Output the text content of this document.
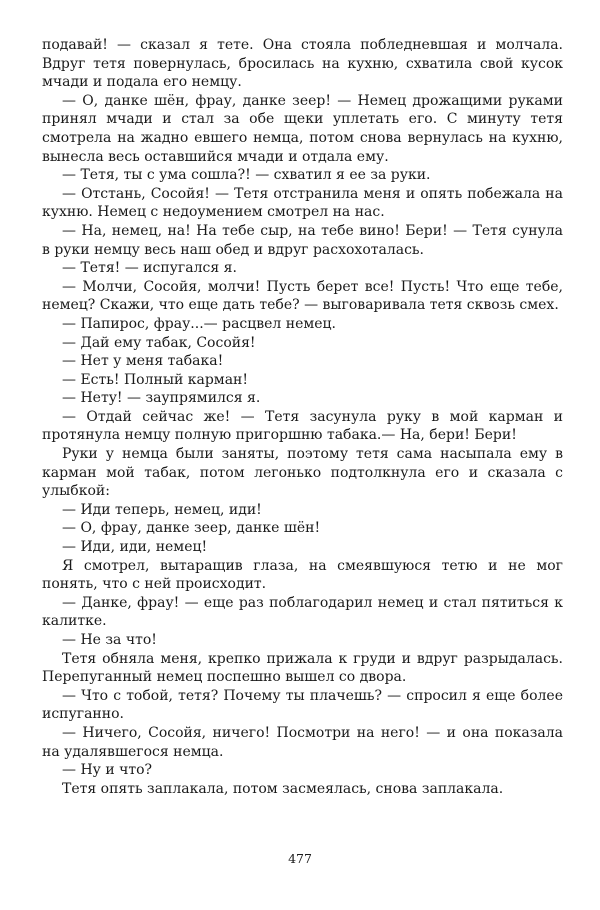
подавай! — сказал я тете. Она стояла побледневшая и молчала. Вдруг тетя повернулась, бросилась на кухню, схватила свой кусок мчади и подала его немцу.

— О, данке шён, фрау, данке зеер! — Немец дрожащими руками принял мчади и стал за обе щеки уплетать его. С минуту тетя смотрела на жадно евшего немца, потом снова вернулась на кухню, вынесла весь оставшийся мчади и отдала ему.

— Тетя, ты с ума сошла?! — схватил я ее за руки.

— Отстань, Сосойя! — Тетя отстранила меня и опять побежала на кухню. Немец с недоумением смотрел на нас.

— На, немец, на! На тебе сыр, на тебе вино! Бери! — Тетя сунула в руки немцу весь наш обед и вдруг расхохоталась.

— Тетя! — испугался я.

— Молчи, Сосойя, молчи! Пусть берет все! Пусть! Что еще тебе, немец? Скажи, что еще дать тебе? — выговаривала тетя сквозь смех.

— Папирос, фрау...— расцвел немец.

— Дай ему табак, Сосойя!

— Нет у меня табака!

— Есть! Полный карман!

— Нету! — заупрямился я.

— Отдай сейчас же! — Тетя засунула руку в мой карман и протянула немцу полную пригоршню табака.— На, бери! Бери!

Руки у немца были заняты, поэтому тетя сама насыпала ему в карман мой табак, потом легонько подтолкнула его и сказала с улыбкой:

— Иди теперь, немец, иди!

— О, фрау, данке зеер, данке шён!

— Иди, иди, немец!

Я смотрел, вытаращив глаза, на смеявшуюся тетю и не мог понять, что с ней происходит.

— Данке, фрау! — еще раз поблагодарил немец и стал пятиться к калитке.

— Не за что!

Тетя обняла меня, крепко прижала к груди и вдруг разрыдалась. Перепуганный немец поспешно вышел со двора.

— Что с тобой, тетя? Почему ты плачешь? — спросил я еще более испуганно.

— Ничего, Сосойя, ничего! Посмотри на него! — и она показала на удалявшегося немца.

— Ну и что?

Тетя опять заплакала, потом засмеялась, снова заплакала.

477
